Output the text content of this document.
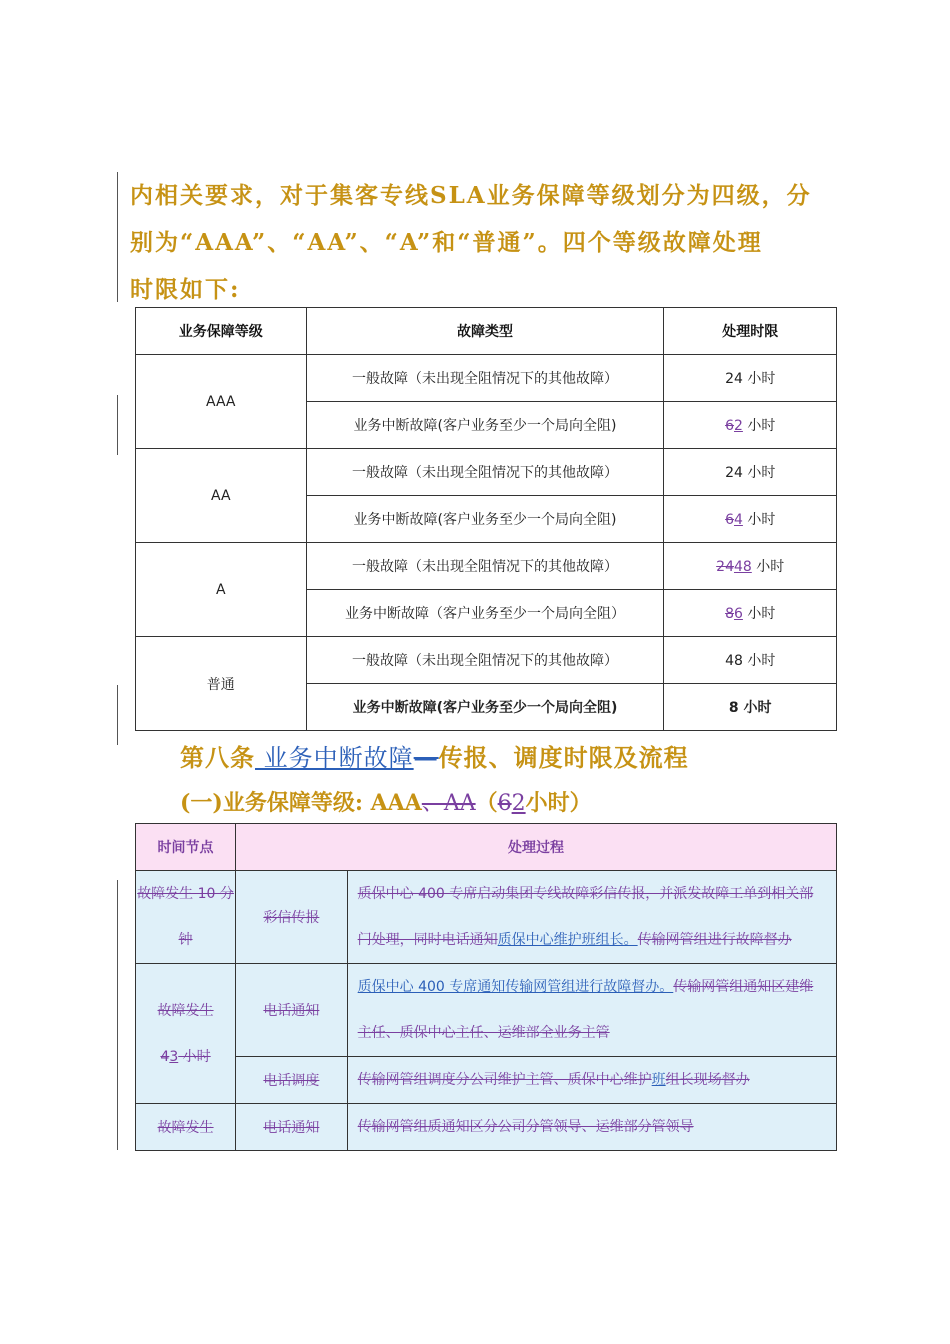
内相关要求，对于集客专线SLA业务保障等级划分为四级，分
别为“AAA”、“AA”、“A”和“普通”。四个等级故障处理
时限如下:
业务保障等级	故障类型	处理时限
AAA	一般故障（未出现全阻情况下的其他故障）	24 小时
	业务中断故障(客户业务至少一个局向全阻)	62 小时
AA	一般故障（未出现全阻情况下的其他故障）	24 小时
	业务中断故障(客户业务至少一个局向全阻)	64 小时
A	一般故障（未出现全阻情况下的其他故障）	2448 小时
	业务中断故障（客户业务至少一个局向全阻）	86 小时
普通	一般故障（未出现全阻情况下的其他故障）	48 小时
	业务中断故障(客户业务至少一个局向全阻)	8 小时
第八条 业务中断故障—传报、调度时限及流程
(一)业务保障等级: AAA、AA（62小时）
时间节点	处理过程	
故障发生 10 分钟	彩信传报	质保中心 400 专席启动集团专线故障彩信传报，并派发故障工单到相关部门处理，同时电话通知质保中心维护班组长。传输网管组进行故障督办
故障发生
43 小时	电话通知	质保中心 400 专席通知传输网管组进行故障督办。传输网管组通知区建维主任、质保中心主任、运维部全业务主管
	电话调度	传输网管组调度分公司维护主管、质保中心维护班组长现场督办
故障发生	电话通知	传输网管组质通知区分公司分管领导、运维部分管领导
